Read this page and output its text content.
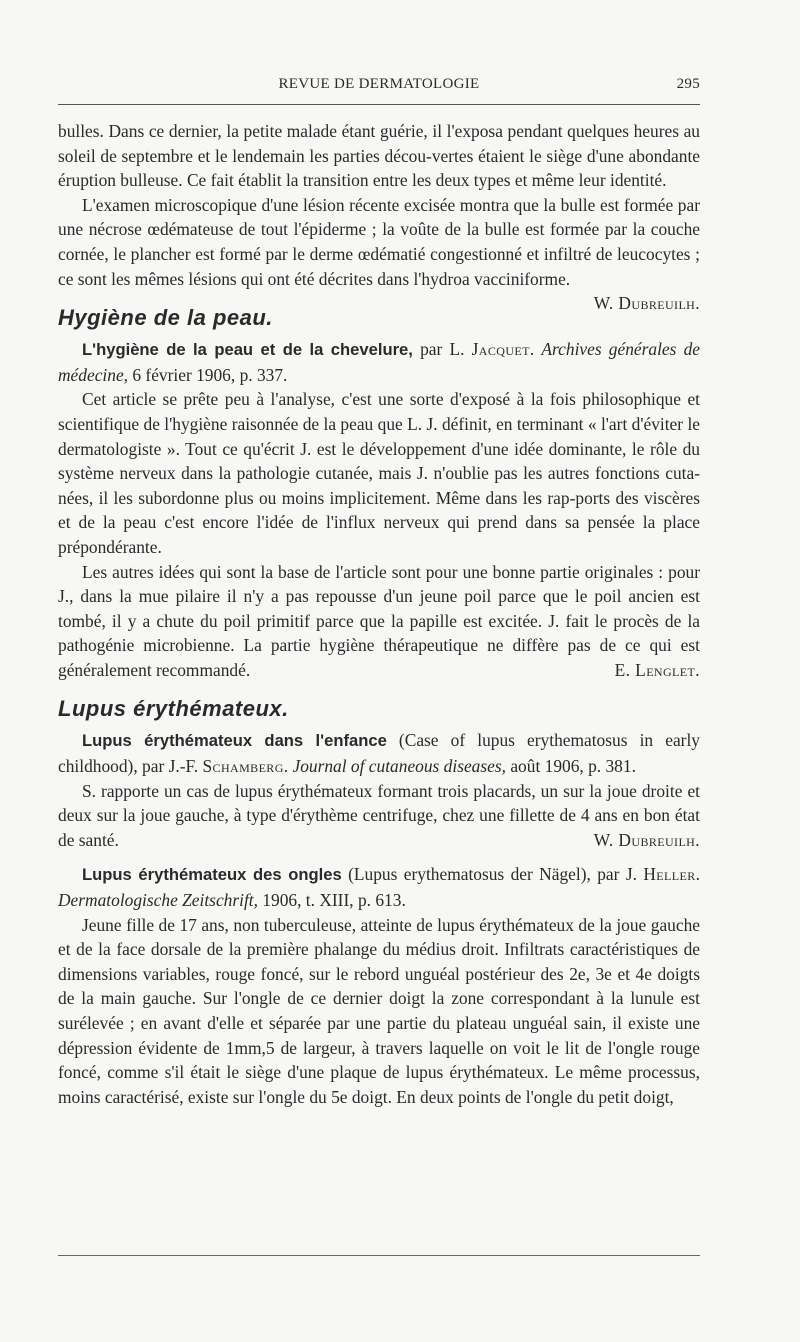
REVUE DE DERMATOLOGIE	295

bulles. Dans ce dernier, la petite malade étant guérie, il l'exposa pendant quelques heures au soleil de septembre et le lendemain les parties décou-vertes étaient le siège d'une abondante éruption bulleuse. Ce fait établit la transition entre les deux types et même leur identité.

L'examen microscopique d'une lésion récente excisée montra que la bulle est formée par une nécrose œdémateuse de tout l'épiderme ; la voûte de la bulle est formée par la couche cornée, le plancher est formé par le derme œdématié congestionné et infiltré de leucocytes ; ce sont les mêmes lésions qui ont été décrites dans l'hydroa vacciniforme.
W. Dubreuilh.

Hygiène de la peau.

L'hygiène de la peau et de la chevelure, par L. Jacquet. Archives générales de médecine, 6 février 1906, p. 337.

Cet article se prête peu à l'analyse, c'est une sorte d'exposé à la fois philosophique et scientifique de l'hygiène raisonnée de la peau que L. J. définit, en terminant « l'art d'éviter le dermatologiste ». Tout ce qu'écrit J. est le développement d'une idée dominante, le rôle du système nerveux dans la pathologie cutanée, mais J. n'oublie pas les autres fonctions cuta-nées, il les subordonne plus ou moins implicitement. Même dans les rap-ports des viscères et de la peau c'est encore l'idée de l'influx nerveux qui prend dans sa pensée la place prépondérante.

Les autres idées qui sont la base de l'article sont pour une bonne partie originales : pour J., dans la mue pilaire il n'y a pas repousse d'un jeune poil parce que le poil ancien est tombé, il y a chute du poil primitif parce que la papille est excitée. J. fait le procès de la pathogénie microbienne. La partie hygiène thérapeutique ne diffère pas de ce qui est généralement recommandé.	E. Lenglet.

Lupus érythémateux.

Lupus érythémateux dans l'enfance (Case of lupus erythematosus in early childhood), par J.-F. Schamberg. Journal of cutaneous diseases, août 1906, p. 381.

S. rapporte un cas de lupus érythémateux formant trois placards, un sur la joue droite et deux sur la joue gauche, à type d'érythème centrifuge, chez une fillette de 4 ans en bon état de santé.	W. Dubreuilh.

Lupus érythémateux des ongles (Lupus erythematosus der Nägel), par J. Heller. Dermatologische Zeitschrift, 1906, t. XIII, p. 613.

Jeune fille de 17 ans, non tuberculeuse, atteinte de lupus érythémateux de la joue gauche et de la face dorsale de la première phalange du médius droit. Infiltrats caractéristiques de dimensions variables, rouge foncé, sur le rebord unguéal postérieur des 2e, 3e et 4e doigts de la main gauche. Sur l'ongle de ce dernier doigt la zone correspondant à la lunule est surélevée ; en avant d'elle et séparée par une partie du plateau unguéal sain, il existe une dépression évidente de 1mm,5 de largeur, à travers laquelle on voit le lit de l'ongle rouge foncé, comme s'il était le siège d'une plaque de lupus érythémateux. Le même processus, moins caractérisé, existe sur l'ongle du 5e doigt. En deux points de l'ongle du petit doigt,
